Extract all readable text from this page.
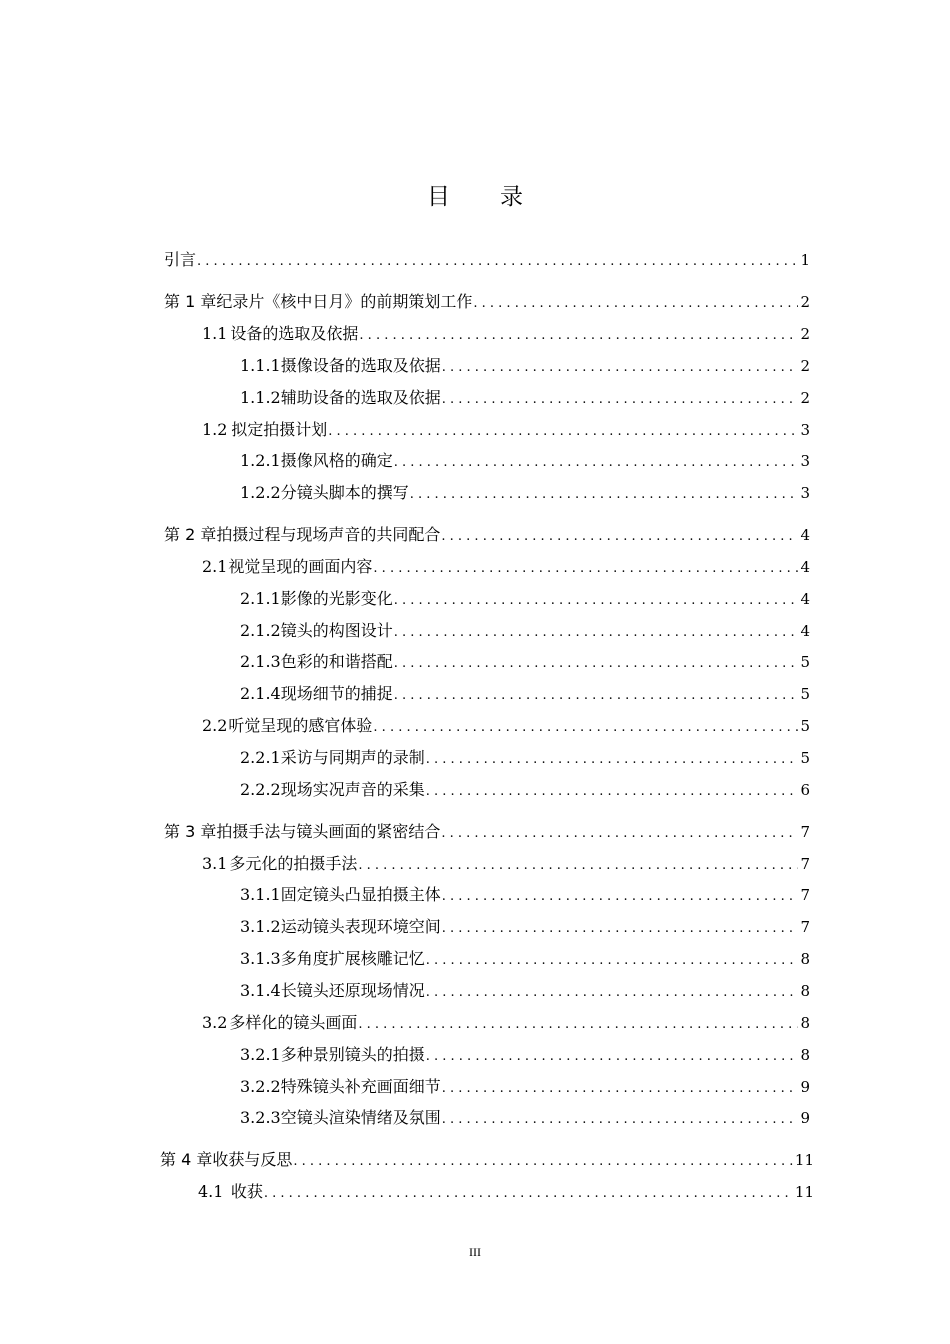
目 录
引言 . . .	1
第 1 章 纪录片《核中日月》的前期策划工作 . . .	2
1.1 设备的选取及依据 . . .	2
1.1.1 摄像设备的选取及依据 . . .	2
1.1.2 辅助设备的选取及依据 . . .	2
1.2 拟定拍摄计划 . . .	3
1.2.1 摄像风格的确定 . . .	3
1.2.2 分镜头脚本的撰写 . . .	3
第 2 章 拍摄过程与现场声音的共同配合 . . .	4
2.1 视觉呈现的画面内容 . . .	4
2.1.1 影像的光影变化 . . .	4
2.1.2 镜头的构图设计 . . .	4
2.1.3 色彩的和谐搭配 . . .	5
2.1.4 现场细节的捕捉 . . .	5
2.2 听觉呈现的感官体验 . . .	5
2.2.1 采访与同期声的录制 . . .	5
2.2.2 现场实况声音的采集 . . .	6
第 3 章 拍摄手法与镜头画面的紧密结合 . . .	7
3.1 多元化的拍摄手法 . . .	7
3.1.1 固定镜头凸显拍摄主体 . . .	7
3.1.2 运动镜头表现环境空间 . . .	7
3.1.3 多角度扩展核雕记忆 . . .	8
3.1.4 长镜头还原现场情况 . . .	8
3.2 多样化的镜头画面 . . .	8
3.2.1 多种景别镜头的拍摄 . . .	8
3.2.2 特殊镜头补充画面细节 . . .	9
3.2.3 空镜头渲染情绪及氛围 . . .	9
第 4 章 收获与反思 . . .	11
4.1 收获 . . .	11
III
